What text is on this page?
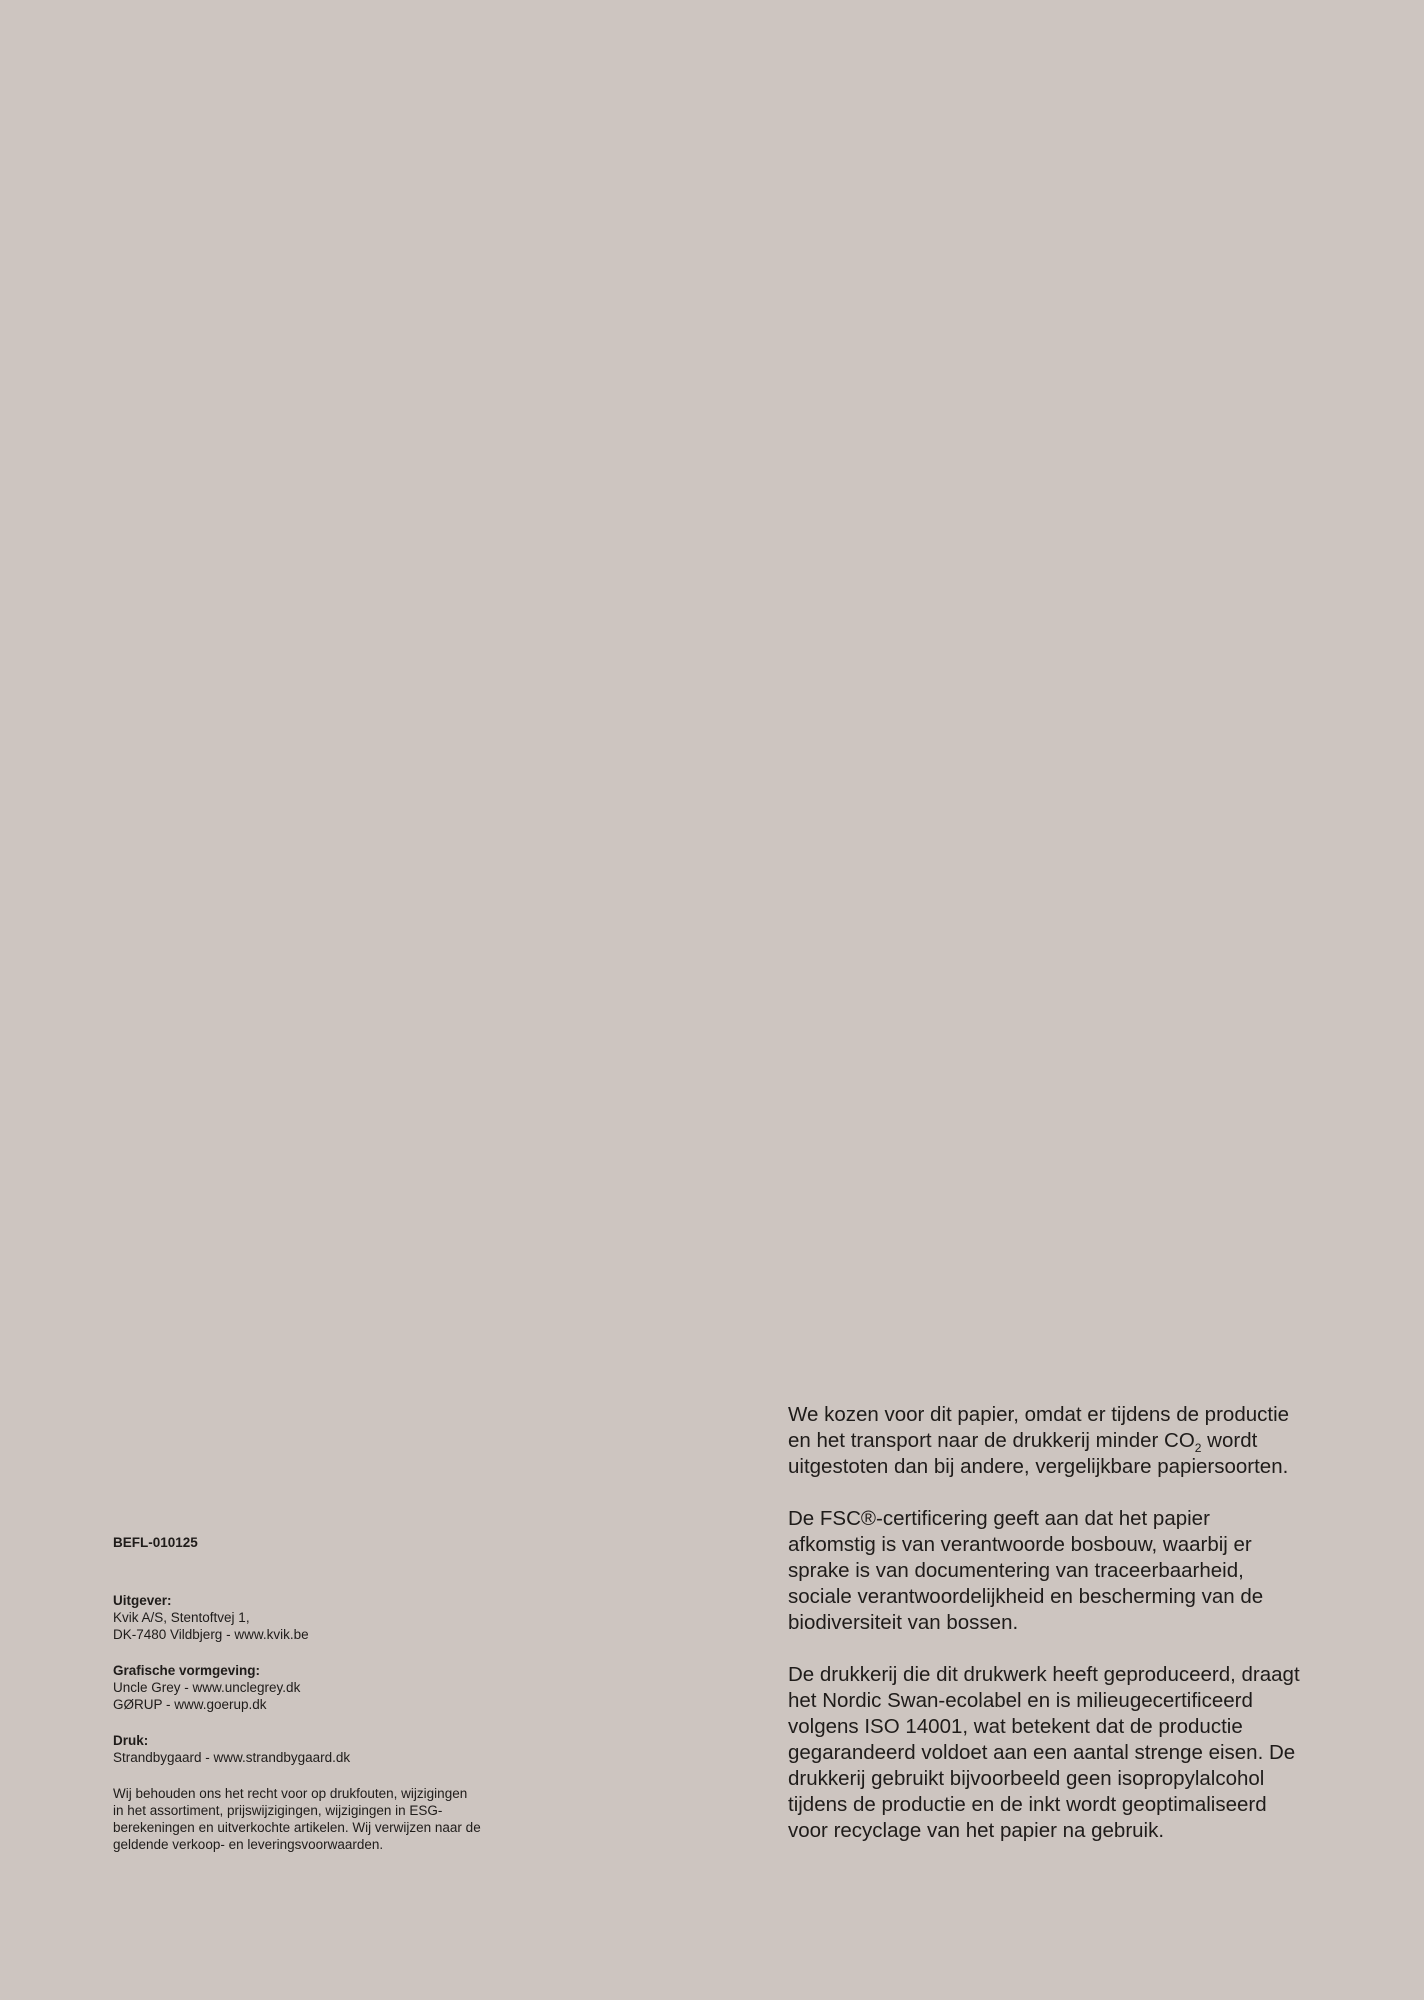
BEFL-010125
Uitgever:
Kvik A/S, Stentoftvej 1,
DK-7480 Vildbjerg - www.kvik.be
Grafische vormgeving:
Uncle Grey - www.unclegrey.dk
GØRUP - www.goerup.dk
Druk:
Strandbygaard - www.strandbygaard.dk
Wij behouden ons het recht voor op drukfouten, wijzigingen
in het assortiment, prijswijzigingen, wijzigingen in ESG-
berekeningen en uitverkochte artikelen. Wij verwijzen naar de
geldende verkoop- en leveringsvoorwaarden.

We kozen voor dit papier, omdat er tijdens de productie
en het transport naar de drukkerij minder $CO_2$ wordt
uitgestoten dan bij andere, vergelijkbare papiersoorten.

De FSC®-certificering geeft aan dat het papier
afkomstig is van verantwoorde bosbouw, waarbij er
sprake is van documentering van traceerbaarheid,
sociale verantwoordelijkheid en bescherming van de
biodiversiteit van bossen.

De drukkerij die dit drukwerk heeft geproduceerd, draagt
het Nordic Swan-ecolabel en is milieugecertificeerd
volgens ISO 14001, wat betekent dat de productie
gegarandeerd voldoet aan een aantal strenge eisen. De
drukkerij gebruikt bijvoorbeeld geen isopropylalcohol
tijdens de productie en de inkt wordt geoptimaliseerd
voor recyclage van het papier na gebruik.
